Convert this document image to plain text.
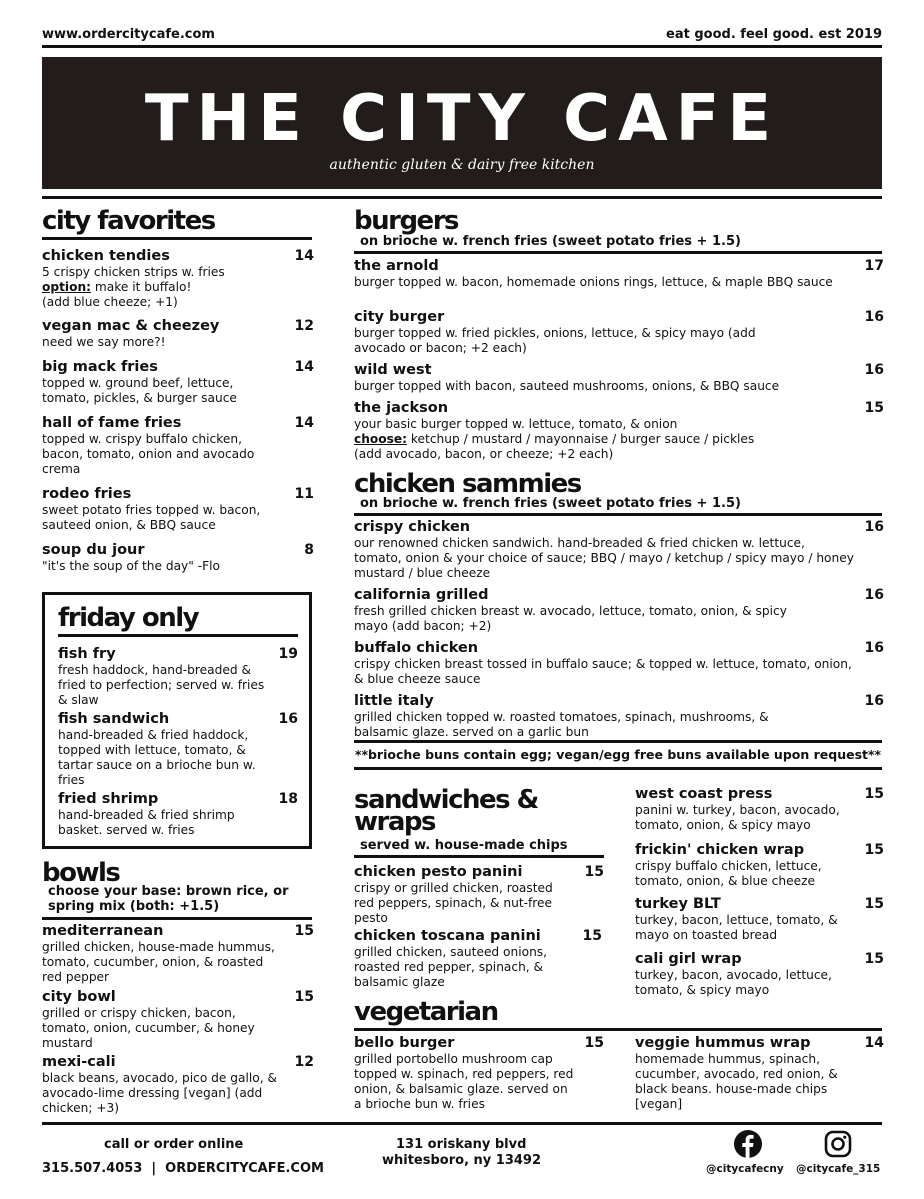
www.ordercitycafe.com	eat good. feel good. est 2019
THE CITY CAFE
authentic gluten & dairy free kitchen
city favorites
chicken tendies	14
5 crispy chicken strips w. fries
option: make it buffalo!
(add blue cheeze; +1)
vegan mac & cheezey	12
need we say more?!
big mack fries	14
topped w. ground beef, lettuce, tomato, pickles, & burger sauce
hall of fame fries	14
topped w. crispy buffalo chicken, bacon, tomato, onion and avocado crema
rodeo fries	11
sweet potato fries topped w. bacon, sauteed onion, & BBQ sauce
soup du jour	8
"it's the soup of the day" -Flo
friday only
fish fry	19
fresh haddock, hand-breaded & fried to perfection; served w. fries & slaw
fish sandwich	16
hand-breaded & fried haddock, topped with lettuce, tomato, & tartar sauce on a brioche bun w. fries
fried shrimp	18
hand-breaded & fried shrimp basket. served w. fries
bowls
choose your base: brown rice, or spring mix (both: +1.5)
mediterranean	15
grilled chicken, house-made hummus, tomato, cucumber, onion, & roasted red pepper
city bowl	15
grilled or crispy chicken, bacon, tomato, onion, cucumber, & honey mustard
mexi-cali	12
black beans, avocado, pico de gallo, & avocado-lime dressing [vegan] (add chicken; +3)
burgers
on brioche w. french fries (sweet potato fries + 1.5)
the arnold	17
burger topped w. bacon, homemade onions rings, lettuce, & maple BBQ sauce
city burger	16
burger topped w. fried pickles, onions, lettuce, & spicy mayo (add avocado or bacon; +2 each)
wild west	16
burger topped with bacon, sauteed mushrooms, onions, & BBQ sauce
the jackson	15
your basic burger topped w. lettuce, tomato, & onion
choose: ketchup / mustard / mayonnaise / burger sauce / pickles
(add avocado, bacon, or cheeze; +2 each)
chicken sammies
on brioche w. french fries (sweet potato fries + 1.5)
crispy chicken	16
our renowned chicken sandwich. hand-breaded & fried chicken w. lettuce, tomato, onion & your choice of sauce; BBQ / mayo / ketchup / spicy mayo / honey mustard / blue cheeze
california grilled	16
fresh grilled chicken breast w. avocado, lettuce, tomato, onion, & spicy mayo (add bacon; +2)
buffalo chicken	16
crispy chicken breast tossed in buffalo sauce; & topped w. lettuce, tomato, onion, & blue cheeze sauce
little italy	16
grilled chicken topped w. roasted tomatoes, spinach, mushrooms, & balsamic glaze. served on a garlic bun
**brioche buns contain egg; vegan/egg free buns available upon request**
sandwiches &
wraps
served w. house-made chips
chicken pesto panini	15
crispy or grilled chicken, roasted red peppers, spinach, & nut-free pesto
chicken toscana panini	15
grilled chicken, sauteed onions, roasted red pepper, spinach, & balsamic glaze
west coast press	15
panini w. turkey, bacon, avocado, tomato, onion, & spicy mayo
frickin' chicken wrap	15
crispy buffalo chicken, lettuce, tomato, onion, & blue cheeze
turkey BLT	15
turkey, bacon, lettuce, tomato, & mayo on toasted bread
cali girl wrap	15
turkey, bacon, avocado, lettuce, tomato, & spicy mayo
vegetarian
bello burger	15
grilled portobello mushroom cap topped w. spinach, red peppers, red onion, & balsamic glaze. served on a brioche bun w. fries
veggie hummus wrap	14
homemade hummus, spinach, cucumber, avocado, red onion, & black beans. house-made chips [vegan]
call or order online
315.507.4053  |  ORDERCITYCAFE.COM
131 oriskany blvd
whitesboro, ny 13492
@citycafecny @citycafe_315
